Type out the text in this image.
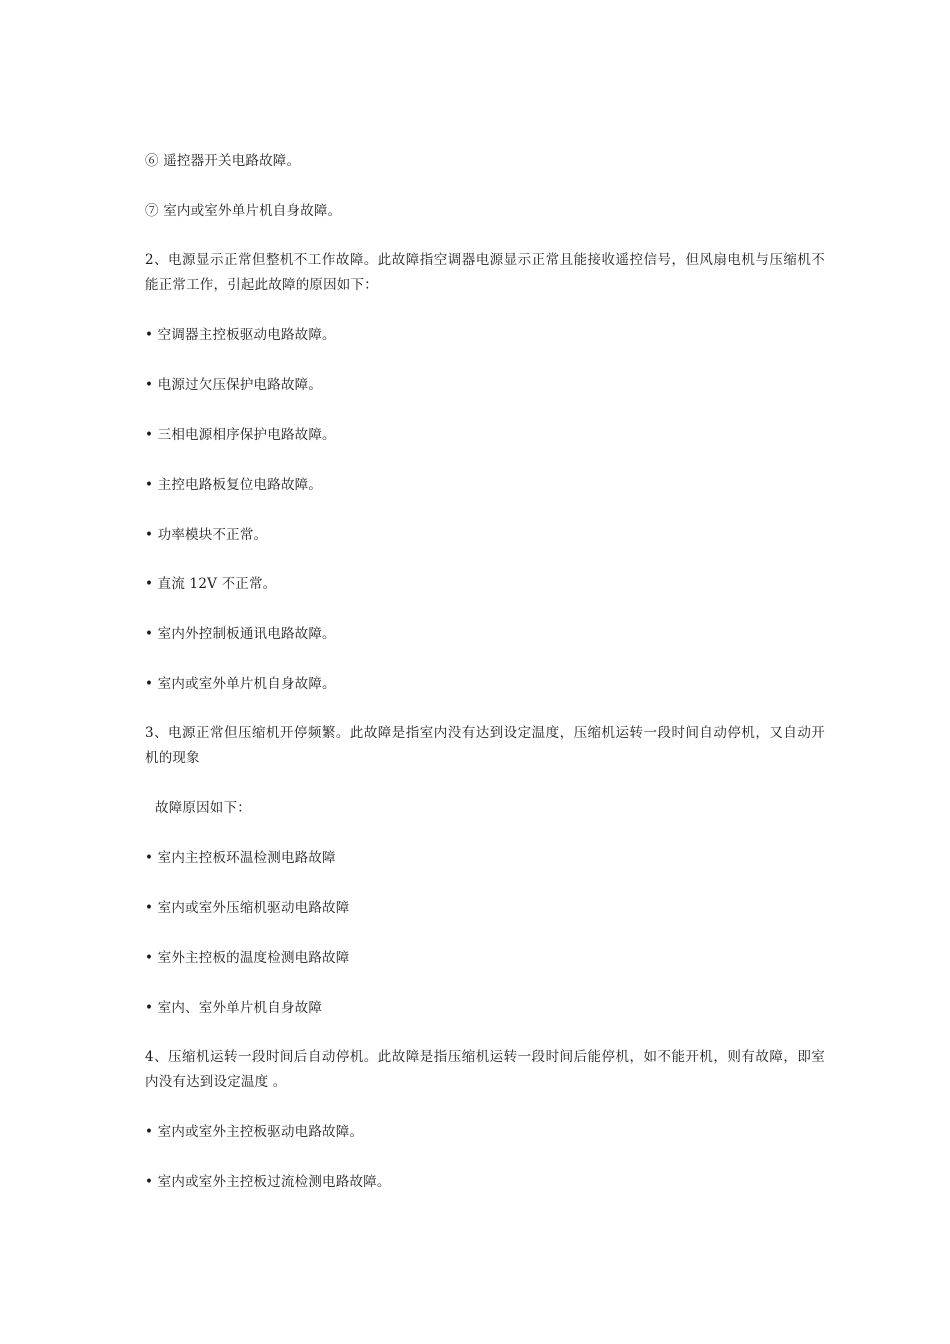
⑥ 遥控器开关电路故障。
⑦ 室内或室外单片机自身故障。
2、电源显示正常但整机不工作故障。此故障指空调器电源显示正常且能接收遥控信号，但风扇电机与压缩机不能正常工作，引起此故障的原因如下：
• 空调器主控板驱动电路故障。
• 电源过欠压保护电路故障。
• 三相电源相序保护电路故障。
• 主控电路板复位电路故障。
• 功率模块不正常。
• 直流 12V 不正常。
• 室内外控制板通讯电路故障。
• 室内或室外单片机自身故障。
3、电源正常但压缩机开停频繁。此故障是指室内没有达到设定温度，压缩机运转一段时间自动停机，又自动开机的现象
故障原因如下：
• 室内主控板环温检测电路故障
• 室内或室外压缩机驱动电路故障
• 室外主控板的温度检测电路故障
• 室内、室外单片机自身故障
4、压缩机运转一段时间后自动停机。此故障是指压缩机运转一段时间后能停机，如不能开机，则有故障，即室内没有达到设定温度 。
• 室内或室外主控板驱动电路故障。
• 室内或室外主控板过流检测电路故障。
